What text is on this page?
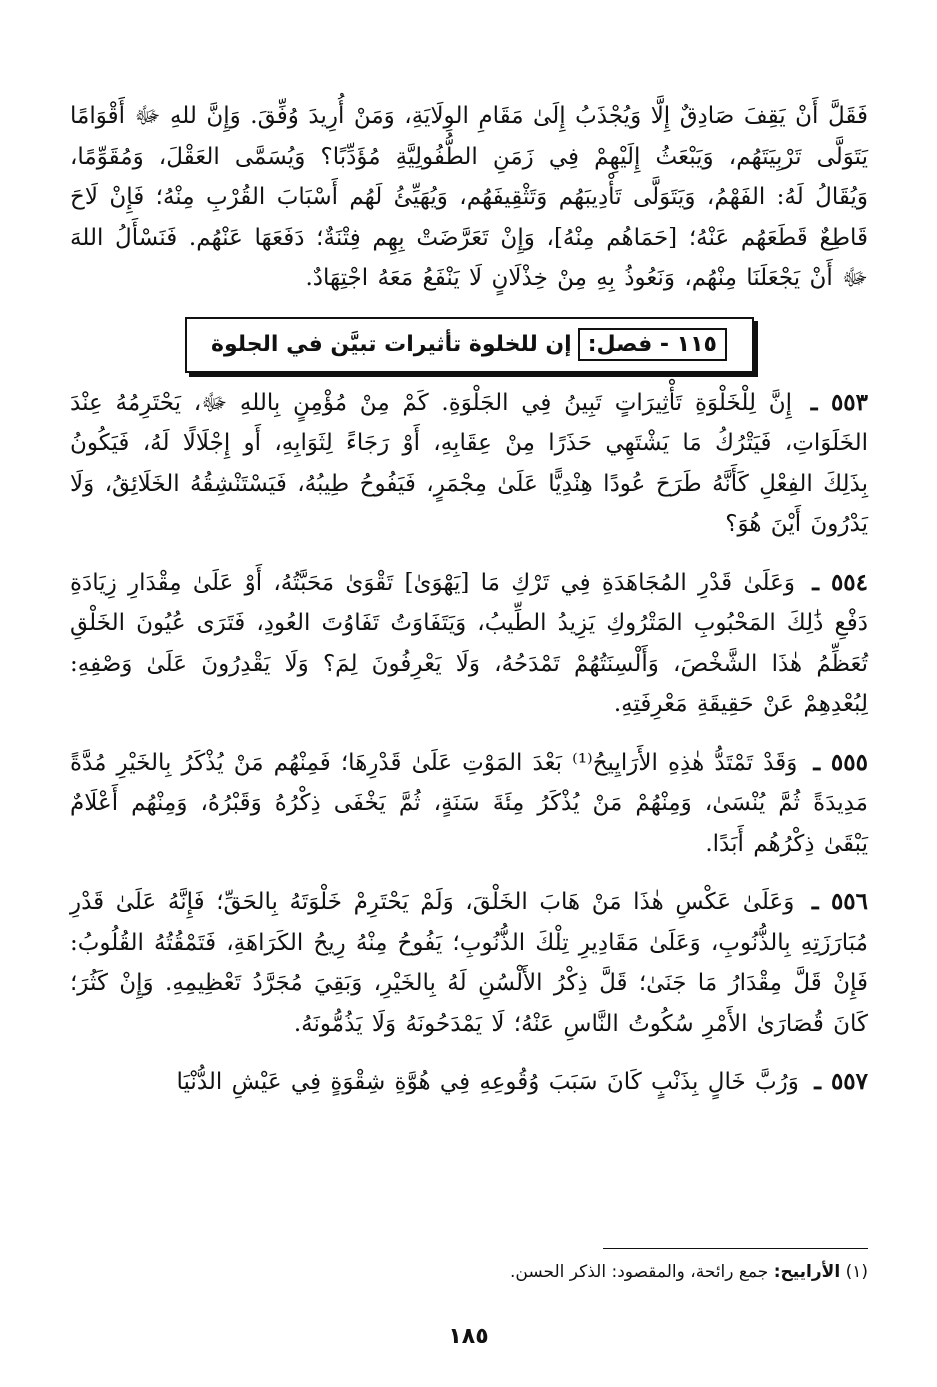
فَقَلَّ أَنْ يَقِفَ صَادِقٌ إِلَّا وَيُجْذَبُ إِلَىٰ مَقَامِ الوِلَايَةِ، وَمَنْ أُرِيدَ وُفِّقَ. وَإِنَّ للهِ ﷻ أَقْوَامًا يَتَوَلَّى تَرْبِيَتَهُم، وَيَبْعَثُ إِلَيْهِمْ فِي زَمَنِ الطُّفُولِيَّةِ مُؤَدِّبًا؟ وَيُسَمَّى العَقْلَ، وَمُقَوِّمًا، وَيُقَالُ لَهُ: الفَهْمُ، وَيَتَوَلَّى تَأْدِيبَهُم وَتَثْقِيفَهُم، وَيُهَيِّئُ لَهُم أَسْبَابَ القُرْبِ مِنْهُ؛ فَإِنْ لَاحَ قَاطِعٌ قَطَعَهُم عَنْهُ؛ [حَمَاهُم مِنْهُ]، وَإِنْ تَعَرَّضَتْ بِهِم فِتْنَةٌ؛ دَفَعَهَا عَنْهُم. فَنَسْأَلُ اللهَ ﷻ أَنْ يَجْعَلَنَا مِنْهُم، وَنَعُوذُ بِهِ مِنْ خِذْلَانٍ لَا يَنْفَعُ مَعَهُ اجْتِهَادٌ.

١١٥ - فصل:
إن للخلوة تأثيرات تبيَّن في الجلوة

٥٥٣ ـ إِنَّ لِلْخَلْوَةِ تَأْثِيرَاتٍ تَبِينُ فِي الجَلْوَةِ. كَمْ مِنْ مُؤْمِنٍ بِاللهِ ﷻ، يَحْتَرِمُهُ عِنْدَ الخَلَوَاتِ، فَيَتْرُكُ مَا يَشْتَهِي حَذَرًا مِنْ عِقَابِهِ، أَوْ رَجَاءً لِثَوَابِهِ، أَو إِجْلَالًا لَهُ، فَيَكُونُ بِذَلِكَ الفِعْلِ كَأَنَّهُ طَرَحَ عُودًا هِنْدِيًّا عَلَىٰ مِجْمَرٍ، فَيَفُوحُ طِيبُهُ، فَيَسْتَنْشِقُهُ الخَلَائِقُ، وَلَا يَدْرُونَ أَيْنَ هُوَ؟

٥٥٤ ـ وَعَلَىٰ قَدْرِ المُجَاهَدَةِ فِي تَرْكِ مَا [يَهْوَىٰ] تَقْوَىٰ مَحَبَّتُهُ، أَوْ عَلَىٰ مِقْدَارِ زِيَادَةِ دَفْعِ ذَٰلِكَ المَحْبُوبِ المَتْرُوكِ يَزِيدُ الطِّيبُ، وَيَتَفَاوَتُ تَفَاوُتَ العُودِ، فَتَرَى عُيُونَ الخَلْقِ تُعَظِّمُ هٰذَا الشَّخْصَ، وَأَلْسِنَتُهُمْ تَمْدَحُهُ، وَلَا يَعْرِفُونَ لِمَ؟ وَلَا يَقْدِرُونَ عَلَىٰ وَصْفِهِ: لِبُعْدِهِمْ عَنْ حَقِيقَةِ مَعْرِفَتِهِ.

٥٥٥ ـ وَقَدْ تَمْتَدُّ هٰذِهِ الأَرَايِيحُ⁽¹⁾ بَعْدَ المَوْتِ عَلَىٰ قَدْرِهَا؛ فَمِنْهُم مَنْ يُذْكَرُ بِالخَيْرِ مُدَّةً مَدِيدَةً ثُمَّ يُنْسَىٰ، وَمِنْهُمْ مَنْ يُذْكَرُ مِئَةَ سَنَةٍ، ثُمَّ يَخْفَى ذِكْرُهُ وَقَبْرُهُ، وَمِنْهُم أَعْلَامٌ يَبْقَىٰ ذِكْرُهُم أَبَدًا.

٥٥٦ ـ وَعَلَىٰ عَكْسِ هٰذَا مَنْ هَابَ الخَلْقَ، وَلَمْ يَحْتَرِمْ خَلْوَتَهُ بِالحَقِّ؛ فَإِنَّهُ عَلَىٰ قَدْرِ مُبَارَزَتِهِ بِالذُّنُوبِ، وَعَلَىٰ مَقَادِيرِ تِلْكَ الذُّنُوبِ؛ يَفُوحُ مِنْهُ رِيحُ الكَرَاهَةِ، فَتَمْقُتُهُ القُلُوبُ: فَإِنْ قَلَّ مِقْدَارُ مَا جَنَىٰ؛ قَلَّ ذِكْرُ الأَلْسُنِ لَهُ بِالخَيْرِ، وَبَقِيَ مُجَرَّدُ تَعْظِيمِهِ. وَإِنْ كَثُرَ؛ كَانَ قُصَارَىٰ الأَمْرِ سُكُوتُ النَّاسِ عَنْهُ؛ لَا يَمْدَحُونَهُ وَلَا يَذُمُّونَهُ.

٥٥٧ ـ وَرُبَّ خَالٍ بِذَنْبٍ كَانَ سَبَبَ وُقُوعِهِ فِي هُوَّةِ شِقْوَةٍ فِي عَيْشِ الدُّنْيَا

(١) الأراييح: جمع رائحة، والمقصود: الذكر الحسن.
١٨٥
